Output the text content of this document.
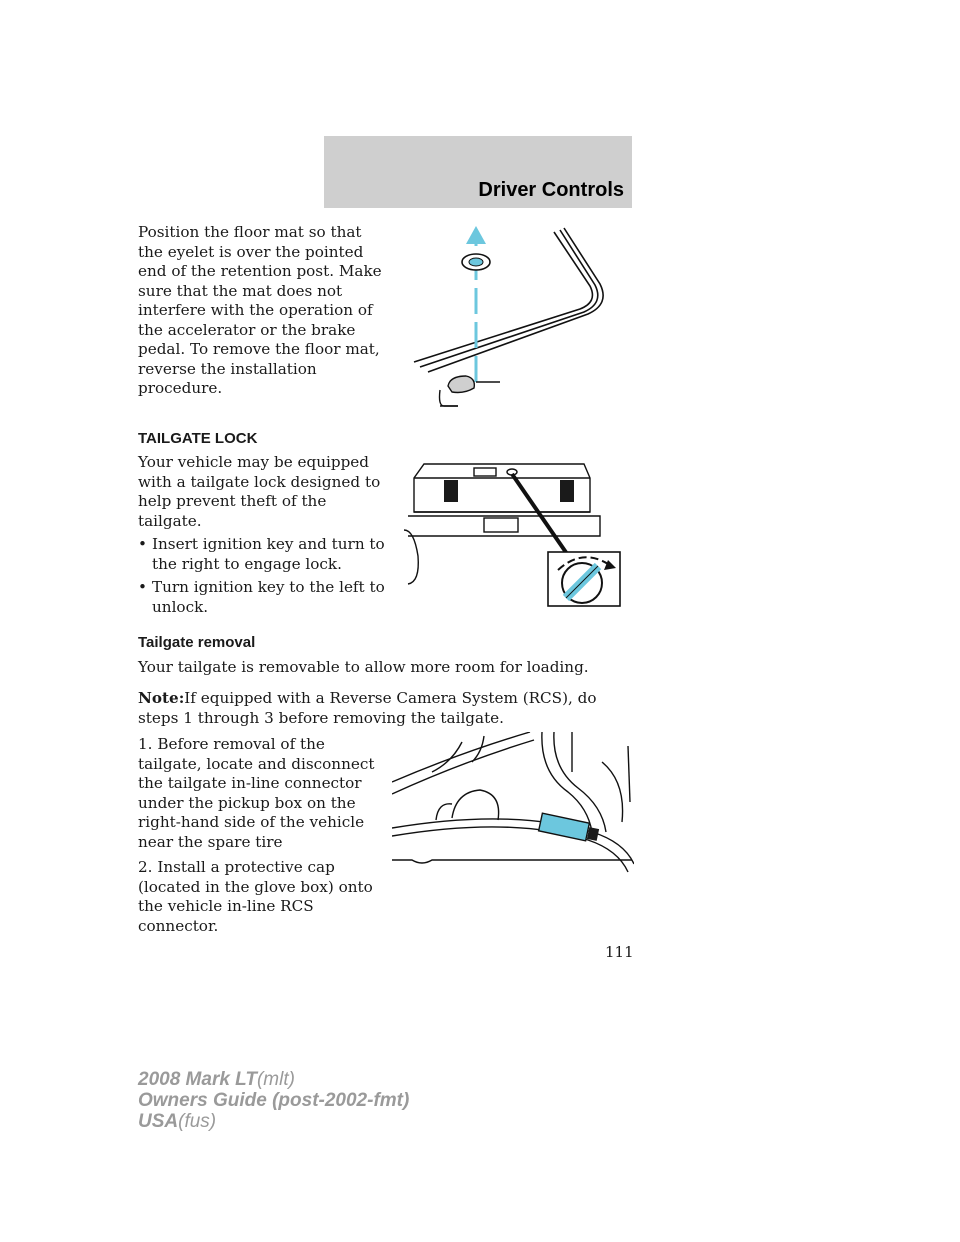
Driver Controls
Position the floor mat so that the eyelet is over the pointed end of the retention post. Make sure that the mat does not interfere with the operation of the accelerator or the brake pedal. To remove the floor mat, reverse the installation procedure.
TAILGATE LOCK

Your vehicle may be equipped with a tailgate lock designed to help prevent theft of the tailgate.

• Insert ignition key and turn to the right to engage lock.
• Turn ignition key to the left to unlock.
Tailgate removal
Your tailgate is removable to allow more room for loading.
Note:If equipped with a Reverse Camera System (RCS), do steps 1 through 3 before removing the tailgate.

1. Before removal of the tailgate, locate and disconnect the tailgate in-line connector under the pickup box on the right-hand side of the vehicle near the spare tire

2. Install a protective cap (located in the glove box) onto the vehicle in-line RCS connector.

111
2008 Mark LT(mlt)
Owners Guide (post-2002-fmt)
USA(fus)
